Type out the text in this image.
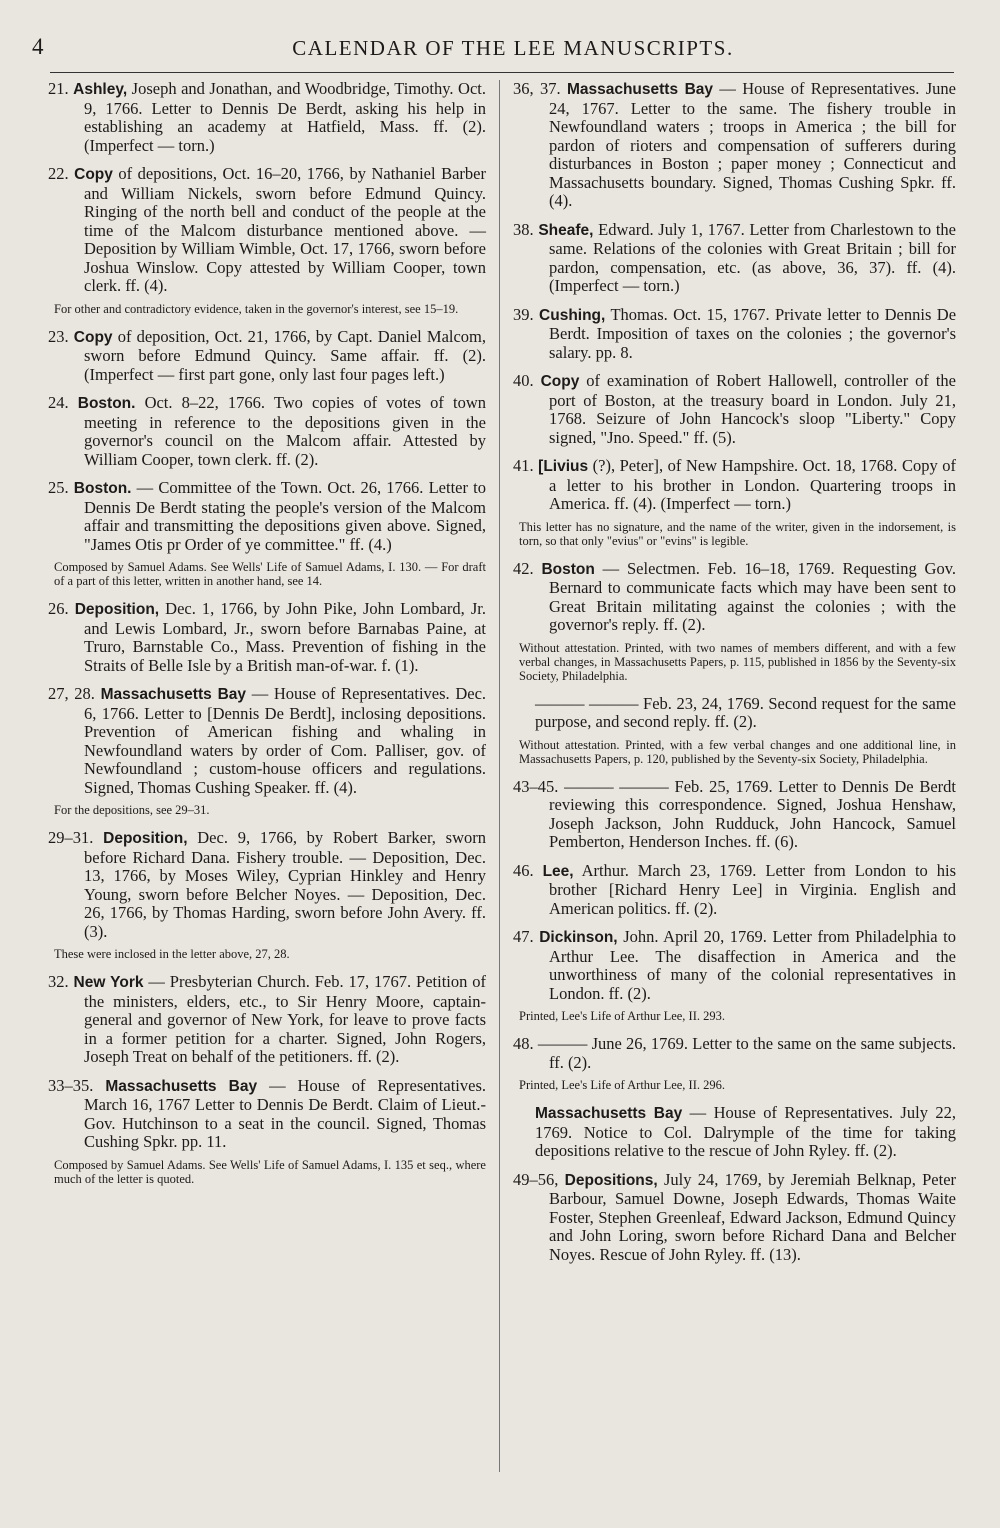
4	CALENDAR OF THE LEE MANUSCRIPTS.
21. Ashley, Joseph and Jonathan, and Woodbridge, Timothy. Oct. 9, 1766. Letter to Dennis De Berdt, asking his help in establishing an academy at Hatfield, Mass. ff. (2). (Imperfect — torn.)
22. Copy of depositions, Oct. 16–20, 1766, by Nathaniel Barber and William Nickels, sworn before Edmund Quincy. Ringing of the north bell and conduct of the people at the time of the Malcom disturbance mentioned above. — Deposition by William Wimble, Oct. 17, 1766, sworn before Joshua Winslow. Copy attested by William Cooper, town clerk. ff. (4).
For other and contradictory evidence, taken in the governor's interest, see 15–19.
23. Copy of deposition, Oct. 21, 1766, by Capt. Daniel Malcom, sworn before Edmund Quincy. Same affair. ff. (2). (Imperfect — first part gone, only last four pages left.)
24. Boston. Oct. 8–22, 1766. Two copies of votes of town meeting in reference to the depositions given in the governor's council on the Malcom affair. Attested by William Cooper, town clerk. ff. (2).
25. Boston. — Committee of the Town. Oct. 26, 1766. Letter to Dennis De Berdt stating the people's version of the Malcom affair and transmitting the depositions given above. Signed, "James Otis pr Order of ye committee." ff. (4.)
Composed by Samuel Adams. See Wells' Life of Samuel Adams, I. 130. — For draft of a part of this letter, written in another hand, see 14.
26. Deposition, Dec. 1, 1766, by John Pike, John Lombard, Jr. and Lewis Lombard, Jr., sworn before Barnabas Paine, at Truro, Barnstable Co., Mass. Prevention of fishing in the Straits of Belle Isle by a British man-of-war. f. (1).
27, 28. Massachusetts Bay — House of Representatives. Dec. 6, 1766. Letter to [Dennis De Berdt], inclosing depositions. Prevention of American fishing and whaling in Newfoundland waters by order of Com. Palliser, gov. of Newfoundland ; custom-house officers and regulations. Signed, Thomas Cushing Speaker. ff. (4).
For the depositions, see 29–31.
29–31. Deposition, Dec. 9, 1766, by Robert Barker, sworn before Richard Dana. Fishery trouble. — Deposition, Dec. 13, 1766, by Moses Wiley, Cyprian Hinkley and Henry Young, sworn before Belcher Noyes. — Deposition, Dec. 26, 1766, by Thomas Harding, sworn before John Avery. ff. (3).
These were inclosed in the letter above, 27, 28.
32. New York — Presbyterian Church. Feb. 17, 1767. Petition of the ministers, elders, etc., to Sir Henry Moore, captain-general and governor of New York, for leave to prove facts in a former petition for a charter. Signed, John Rogers, Joseph Treat on behalf of the petitioners. ff. (2).
33–35. Massachusetts Bay — House of Representatives. March 16, 1767 Letter to Dennis De Berdt. Claim of Lieut.-Gov. Hutchinson to a seat in the council. Signed, Thomas Cushing Spkr. pp. 11.
Composed by Samuel Adams. See Wells' Life of Samuel Adams, I. 135 et seq., where much of the letter is quoted.
36, 37. Massachusetts Bay — House of Representatives. June 24, 1767. Letter to the same. The fishery trouble in Newfoundland waters ; troops in America ; the bill for pardon of rioters and compensation of sufferers during disturbances in Boston ; paper money ; Connecticut and Massachusetts boundary. Signed, Thomas Cushing Spkr. ff. (4).
38. Sheafe, Edward. July 1, 1767. Letter from Charlestown to the same. Relations of the colonies with Great Britain ; bill for pardon, compensation, etc. (as above, 36, 37). ff. (4). (Imperfect — torn.)
39. Cushing, Thomas. Oct. 15, 1767. Private letter to Dennis De Berdt. Imposition of taxes on the colonies ; the governor's salary. pp. 8.
40. Copy of examination of Robert Hallowell, controller of the port of Boston, at the treasury board in London. July 21, 1768. Seizure of John Hancock's sloop "Liberty." Copy signed, "Jno. Speed." ff. (5).
41. [Livius (?), Peter], of New Hampshire. Oct. 18, 1768. Copy of a letter to his brother in London. Quartering troops in America. ff. (4). (Imperfect — torn.)
This letter has no signature, and the name of the writer, given in the indorsement, is torn, so that only "evius" or "evins" is legible.
42. Boston — Selectmen. Feb. 16–18, 1769. Requesting Gov. Bernard to communicate facts which may have been sent to Great Britain militating against the colonies ; with the governor's reply. ff. (2).
Without attestation. Printed, with two names of members different, and with a few verbal changes, in Massachusetts Papers, p. 115, published in 1856 by the Seventy-six Society, Philadelphia.
——— ——— Feb. 23, 24, 1769. Second request for the same purpose, and second reply. ff. (2).
Without attestation. Printed, with a few verbal changes and one additional line, in Massachusetts Papers, p. 120, published by the Seventy-six Society, Philadelphia.
43–45. ——— ——— Feb. 25, 1769. Letter to Dennis De Berdt reviewing this correspondence. Signed, Joshua Henshaw, Joseph Jackson, John Rudduck, John Hancock, Samuel Pemberton, Henderson Inches. ff. (6).
46. Lee, Arthur. March 23, 1769. Letter from London to his brother [Richard Henry Lee] in Virginia. English and American politics. ff. (2).
47. Dickinson, John. April 20, 1769. Letter from Philadelphia to Arthur Lee. The disaffection in America and the unworthiness of many of the colonial representatives in London. ff. (2).
Printed, Lee's Life of Arthur Lee, II. 293.
48. ——— June 26, 1769. Letter to the same on the same subjects. ff. (2).
Printed, Lee's Life of Arthur Lee, II. 296.
Massachusetts Bay — House of Representatives. July 22, 1769. Notice to Col. Dalrymple of the time for taking depositions relative to the rescue of John Ryley. ff. (2).
49–56, Depositions, July 24, 1769, by Jeremiah Belknap, Peter Barbour, Samuel Downe, Joseph Edwards, Thomas Waite Foster, Stephen Greenleaf, Edward Jackson, Edmund Quincy and John Loring, sworn before Richard Dana and Belcher Noyes. Rescue of John Ryley. ff. (13).
